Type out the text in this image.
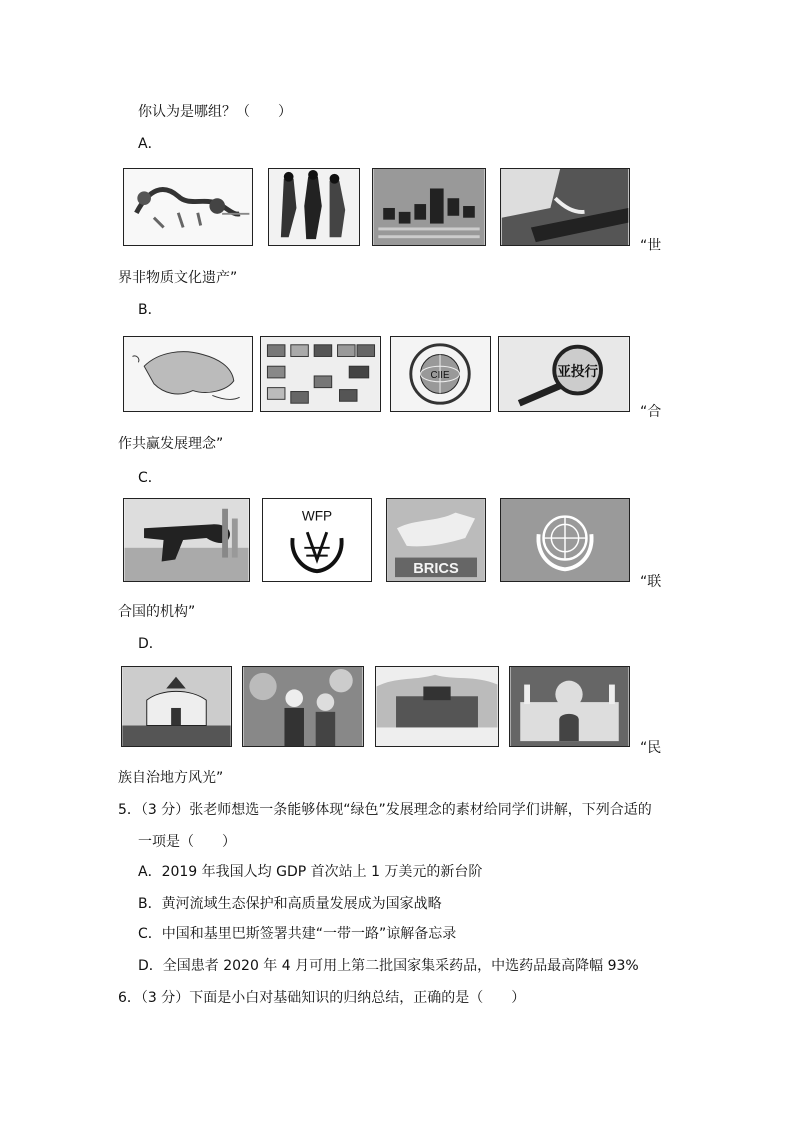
你认为是哪组？（　　）
A．
“世
界非物质文化遗产”
B．
CIIE	亚投行
“合
作共赢发展理念”
C．
WFP
BRICS
“联
合国的机构”
D．
“民
族自治地方风光”
5．（3 分）张老师想选一条能够体现“绿色”发展理念的素材给同学们讲解，下列合适的
一项是（　　）
A．2019 年我国人均 GDP 首次站上 1 万美元的新台阶
B．黄河流域生态保护和高质量发展成为国家战略
C．中国和基里巴斯签署共建“一带一路”谅解备忘录
D．全国患者 2020 年 4 月可用上第二批国家集采药品，中选药品最高降幅 93%
6．（3 分）下面是小白对基础知识的归纳总结，正确的是（　　）
